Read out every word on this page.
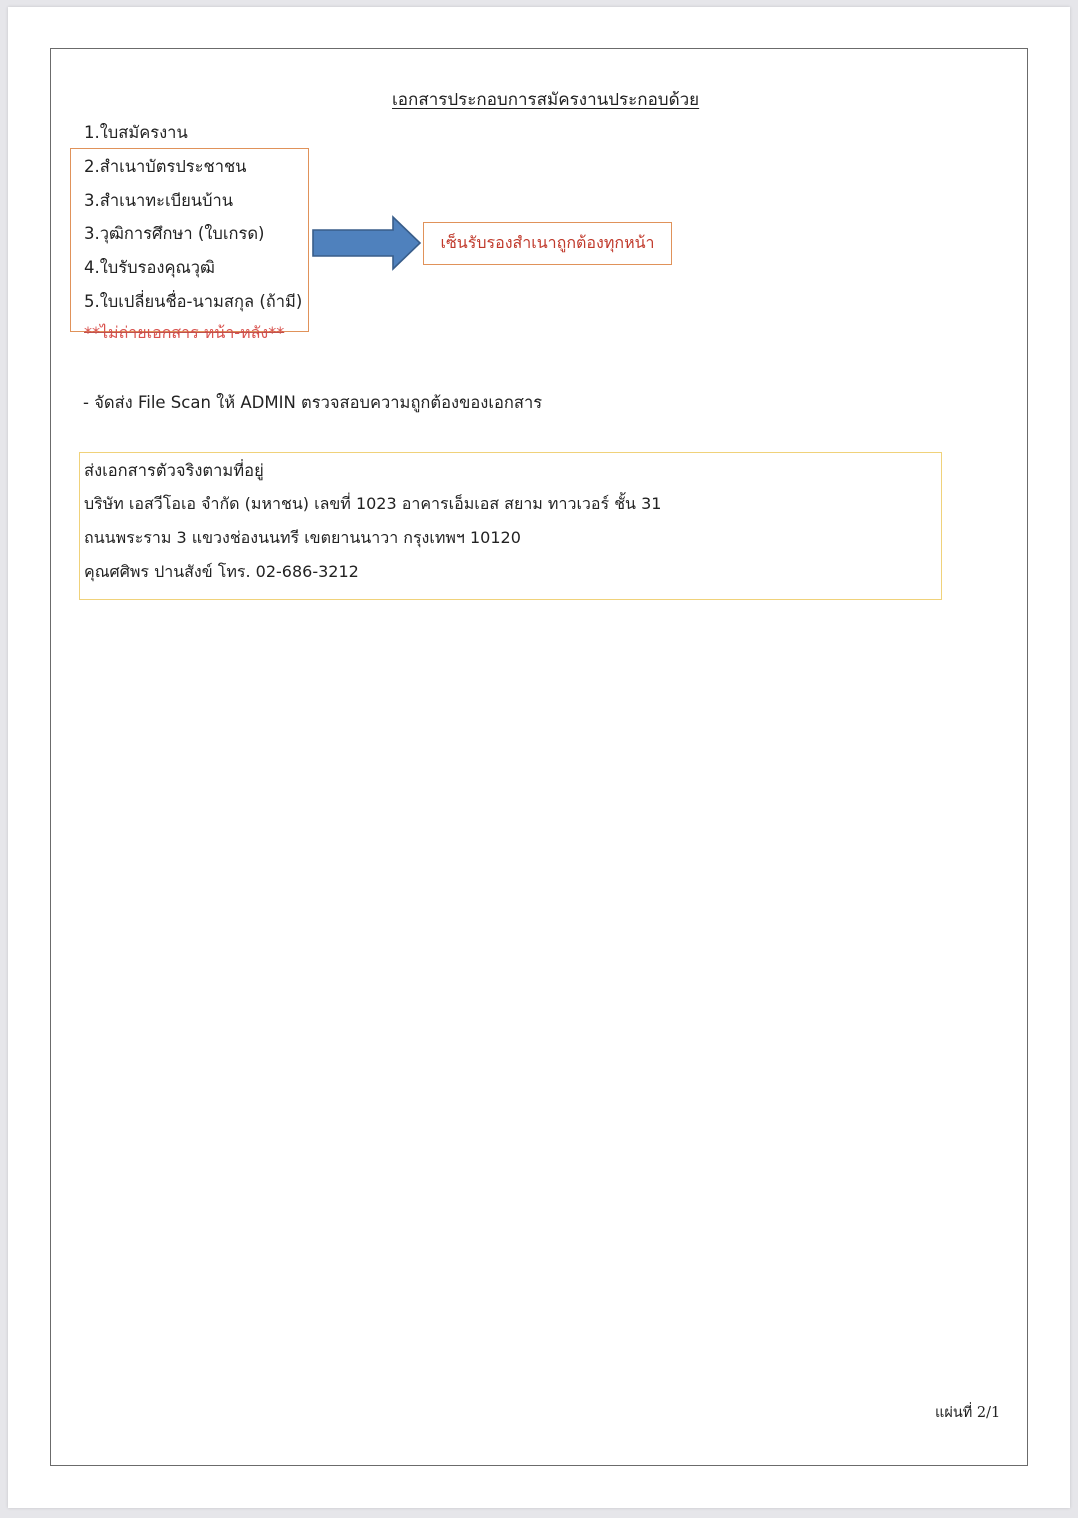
เอกสารประกอบการสมัครงานประกอบด้วย
1.ใบสมัครงาน
2.สำเนาบัตรประชาชน
3.สำเนาทะเบียนบ้าน
3.วุฒิการศึกษา (ใบเกรด)
4.ใบรับรองคุณวุฒิ
5.ใบเปลี่ยนชื่อ-นามสกุล (ถ้ามี)
**ไม่ถ่ายเอกสาร หน้า-หลัง**
เซ็นรับรองสำเนาถูกต้องทุกหน้า
- จัดส่ง File Scan ให้ ADMIN ตรวจสอบความถูกต้องของเอกสาร
ส่งเอกสารตัวจริงตามที่อยู่
บริษัท เอสวีโอเอ จำกัด (มหาชน) เลขที่ 1023 อาคารเอ็มเอส สยาม ทาวเวอร์ ชั้น 31
ถนนพระราม 3 แขวงช่องนนทรี เขตยานนาวา กรุงเทพฯ 10120
คุณศศิพร ปานสังข์ โทร. 02-686-3212
แผ่นที่ 2/1
